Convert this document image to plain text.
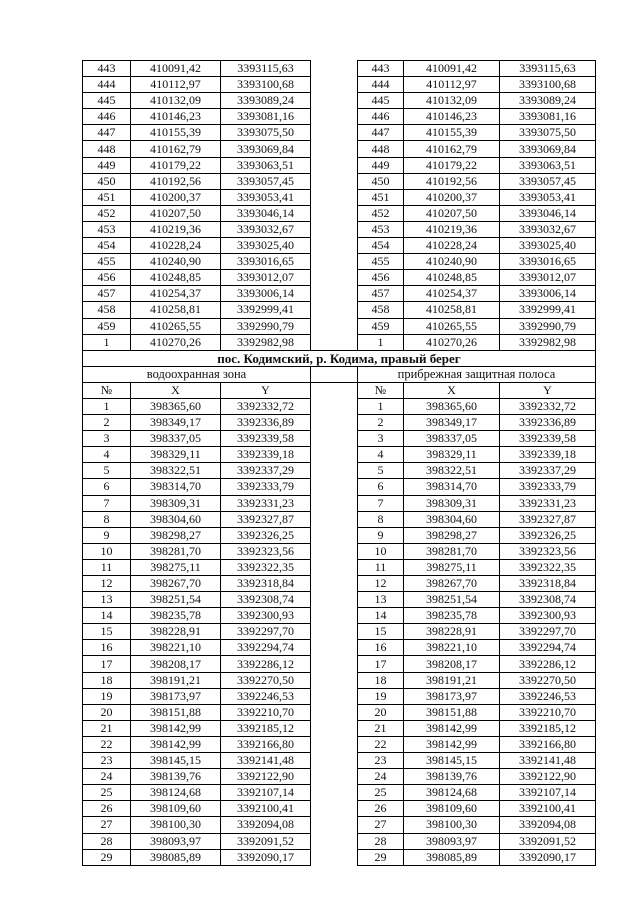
443	410091,42	3393115,63		443	410091,42	3393115,63
444	410112,97	3393100,68		444	410112,97	3393100,68
445	410132,09	3393089,24		445	410132,09	3393089,24
446	410146,23	3393081,16		446	410146,23	3393081,16
447	410155,39	3393075,50		447	410155,39	3393075,50
448	410162,79	3393069,84		448	410162,79	3393069,84
449	410179,22	3393063,51		449	410179,22	3393063,51
450	410192,56	3393057,45		450	410192,56	3393057,45
451	410200,37	3393053,41		451	410200,37	3393053,41
452	410207,50	3393046,14		452	410207,50	3393046,14
453	410219,36	3393032,67		453	410219,36	3393032,67
454	410228,24	3393025,40		454	410228,24	3393025,40
455	410240,90	3393016,65		455	410240,90	3393016,65
456	410248,85	3393012,07		456	410248,85	3393012,07
457	410254,37	3393006,14		457	410254,37	3393006,14
458	410258,81	3392999,41		458	410258,81	3392999,41
459	410265,55	3392990,79		459	410265,55	3392990,79
1	410270,26	3392982,98		1	410270,26	3392982,98
пос. Кодимский, р. Кодима, правый берег						
водоохранная зона				прибрежная защитная полоса		
№	X	Y		№	X	Y
1	398365,60	3392332,72		1	398365,60	3392332,72
2	398349,17	3392336,89		2	398349,17	3392336,89
3	398337,05	3392339,58		3	398337,05	3392339,58
4	398329,11	3392339,18		4	398329,11	3392339,18
5	398322,51	3392337,29		5	398322,51	3392337,29
6	398314,70	3392333,79		6	398314,70	3392333,79
7	398309,31	3392331,23		7	398309,31	3392331,23
8	398304,60	3392327,87		8	398304,60	3392327,87
9	398298,27	3392326,25		9	398298,27	3392326,25
10	398281,70	3392323,56		10	398281,70	3392323,56
11	398275,11	3392322,35		11	398275,11	3392322,35
12	398267,70	3392318,84		12	398267,70	3392318,84
13	398251,54	3392308,74		13	398251,54	3392308,74
14	398235,78	3392300,93		14	398235,78	3392300,93
15	398228,91	3392297,70		15	398228,91	3392297,70
16	398221,10	3392294,74		16	398221,10	3392294,74
17	398208,17	3392286,12		17	398208,17	3392286,12
18	398191,21	3392270,50		18	398191,21	3392270,50
19	398173,97	3392246,53		19	398173,97	3392246,53
20	398151,88	3392210,70		20	398151,88	3392210,70
21	398142,99	3392185,12		21	398142,99	3392185,12
22	398142,99	3392166,80		22	398142,99	3392166,80
23	398145,15	3392141,48		23	398145,15	3392141,48
24	398139,76	3392122,90		24	398139,76	3392122,90
25	398124,68	3392107,14		25	398124,68	3392107,14
26	398109,60	3392100,41		26	398109,60	3392100,41
27	398100,30	3392094,08		27	398100,30	3392094,08
28	398093,97	3392091,52		28	398093,97	3392091,52
29	398085,89	3392090,17		29	398085,89	3392090,17
